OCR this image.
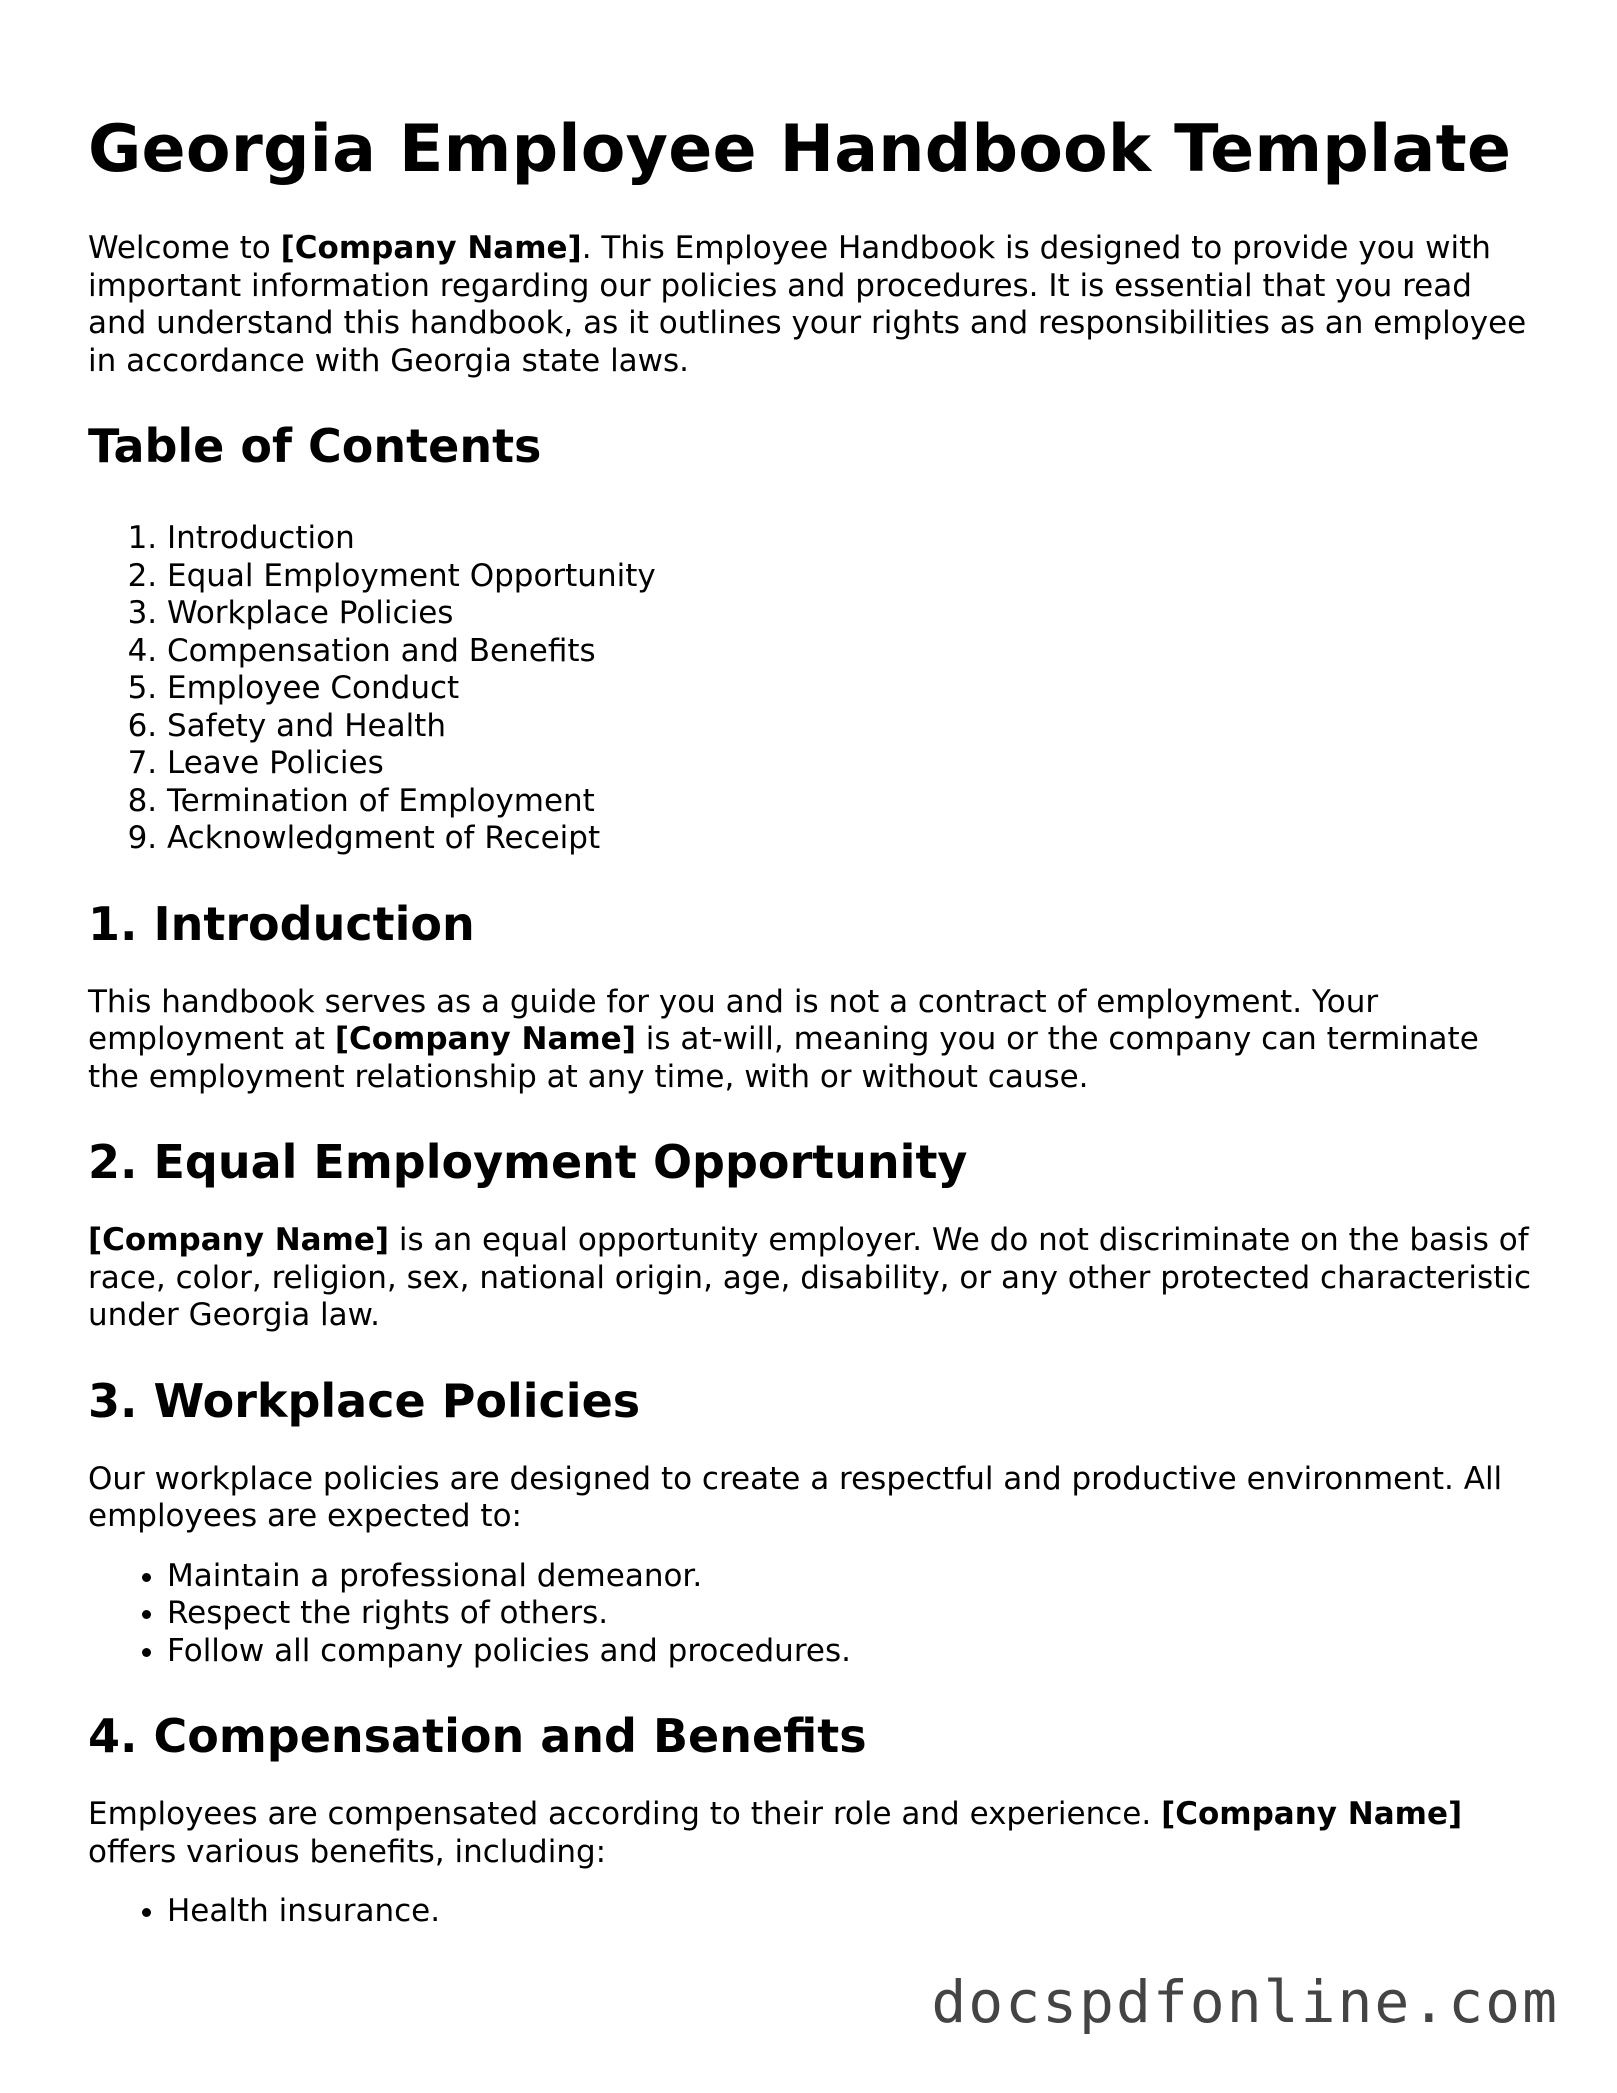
Georgia Employee Handbook Template

Welcome to [Company Name]. This Employee Handbook is designed to provide you with important information regarding our policies and procedures. It is essential that you read and understand this handbook, as it outlines your rights and responsibilities as an employee in accordance with Georgia state laws.

Table of Contents
1. Introduction
2. Equal Employment Opportunity
3. Workplace Policies
4. Compensation and Benefits
5. Employee Conduct
6. Safety and Health
7. Leave Policies
8. Termination of Employment
9. Acknowledgment of Receipt
1. Introduction

This handbook serves as a guide for you and is not a contract of employment. Your employment at [Company Name] is at-will, meaning you or the company can terminate the employment relationship at any time, with or without cause.

2. Equal Employment Opportunity

[Company Name] is an equal opportunity employer. We do not discriminate on the basis of race, color, religion, sex, national origin, age, disability, or any other protected characteristic under Georgia law.

3. Workplace Policies

Our workplace policies are designed to create a respectful and productive environment. All employees are expected to:

• Maintain a professional demeanor.
• Respect the rights of others.
• Follow all company policies and procedures.
4. Compensation and Benefits

Employees are compensated according to their role and experience. [Company Name] offers various benefits, including:

• Health insurance.
docspdfonline.com
